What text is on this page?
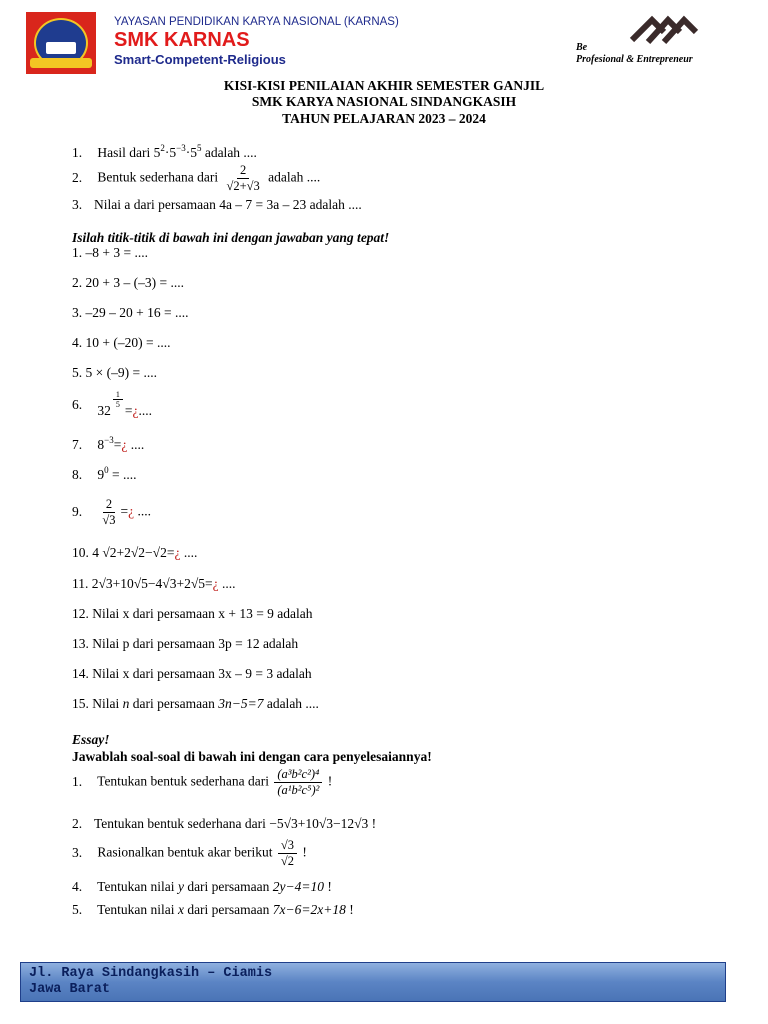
YAYASAN PENDIDIKAN KARYA NASIONAL (KARNAS)
SMK KARNAS
Smart-Competent-Religious
Be
Profesional & Entrepreneur
KISI-KISI PENILAIAN AKHIR SEMESTER GANJIL
SMK KARYA NASIONAL SINDANGKASIH
TAHUN PELAJARAN 2023 – 2024
1. Hasil dari $5^2\cdot 5^{-3}\cdot 5^5$ adalah ....
2. Bentuk sederhana dari $\frac{2}{√2+√3}$ adalah ....
3. Nilai a dari persamaan 4a – 7 = 3a – 23 adalah ....
Isilah titik-titik di bawah ini dengan jawaban yang tepat!
1. –8 + 3 = ....
2. 20 + 3 – (–3) = ....
3. –29 – 20 + 16 = ....
4. 10 + (–20) = ....
5. 5 × (–9) = ....
6. 32
$\frac{1}{5}$
=¿....
7. $8^{-3}=¿$ ....
8. $9^0$ = ....
9. $\frac{2}{√3}$ =¿ ....
10. 4 √2+2√2−√2=¿ ....
11. 2√3+10√5−4√3+2√5=¿ ....
12. Nilai x dari persamaan x + 13 = 9 adalah
13. Nilai p dari persamaan 3p = 12 adalah
14. Nilai x dari persamaan 3x – 9 = 3 adalah
15. Nilai n dari persamaan 3n−5=7 adalah ....
Essay!
Jawablah soal-soal di bawah ini dengan cara penyelesaiannya!
1. Tentukan bentuk sederhana dari $\frac{\text{(a³b²c²)⁴}}{\text{(a¹b²c⁵)²}}$ !
2. Tentukan bentuk sederhana dari −5√3+10√3−12√3 !
3. Rasionalkan bentuk akar berikut $\frac{√3}{√2}$ !
4. Tentukan nilai y dari persamaan 2y−4=10 !
5. Tentukan nilai x dari persamaan 7x−6=2x+18 !
Jl. Raya Sindangkasih – Ciamis
Jawa Barat
